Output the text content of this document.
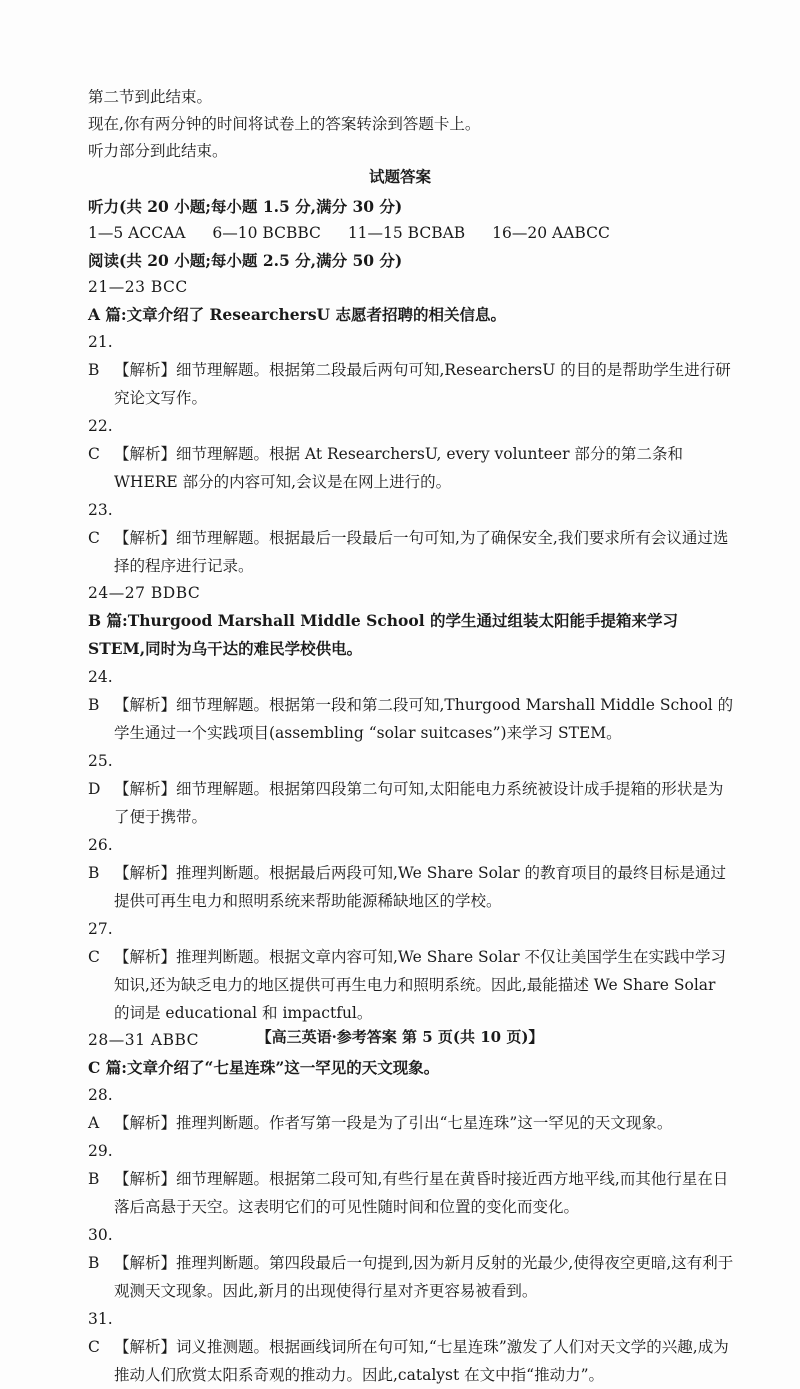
第二节到此结束。
现在,你有两分钟的时间将试卷上的答案转涂到答题卡上。
听力部分到此结束。
试题答案
听力(共 20 小题;每小题 1.5 分,满分 30 分)
1—5 ACCAA 6—10 BCBBC 11—15 BCBAB 16—20 AABCC
阅读(共 20 小题;每小题 2.5 分,满分 50 分)
21—23 BCC
A 篇:文章介绍了 ResearchersU 志愿者招聘的相关信息。
21. B 【解析】细节理解题。根据第二段最后两句可知,ResearchersU 的目的是帮助学生进行研究论文写作。
22. C 【解析】细节理解题。根据 At ResearchersU, every volunteer 部分的第二条和 WHERE 部分的内容可知,会议是在网上进行的。
23. C 【解析】细节理解题。根据最后一段最后一句可知,为了确保安全,我们要求所有会议通过选择的程序进行记录。
24—27 BDBC
B 篇:Thurgood Marshall Middle School 的学生通过组装太阳能手提箱来学习 STEM,同时为乌干达的难民学校供电。
24. B 【解析】细节理解题。根据第一段和第二段可知,Thurgood Marshall Middle School 的学生通过一个实践项目(assembling “solar suitcases”)来学习 STEM。
25. D 【解析】细节理解题。根据第四段第二句可知,太阳能电力系统被设计成手提箱的形状是为了便于携带。
26. B 【解析】推理判断题。根据最后两段可知,We Share Solar 的教育项目的最终目标是通过提供可再生电力和照明系统来帮助能源稀缺地区的学校。
27. C 【解析】推理判断题。根据文章内容可知,We Share Solar 不仅让美国学生在实践中学习知识,还为缺乏电力的地区提供可再生电力和照明系统。因此,最能描述 We Share Solar 的词是 educational 和 impactful。
28—31 ABBC
C 篇:文章介绍了“七星连珠”这一罕见的天文现象。
28. A 【解析】推理判断题。作者写第一段是为了引出“七星连珠”这一罕见的天文现象。
29. B 【解析】细节理解题。根据第二段可知,有些行星在黄昏时接近西方地平线,而其他行星在日落后高悬于天空。这表明它们的可见性随时间和位置的变化而变化。
30. B 【解析】推理判断题。第四段最后一句提到,因为新月反射的光最少,使得夜空更暗,这有利于观测天文现象。因此,新月的出现使得行星对齐更容易被看到。
31. C 【解析】词义推测题。根据画线词所在句可知,“七星连珠”激发了人们对天文学的兴趣,成为推动人们欣赏太阳系奇观的推动力。因此,catalyst 在文中指“推动力”。
【高三英语·参考答案 第 5 页(共 10 页)】
